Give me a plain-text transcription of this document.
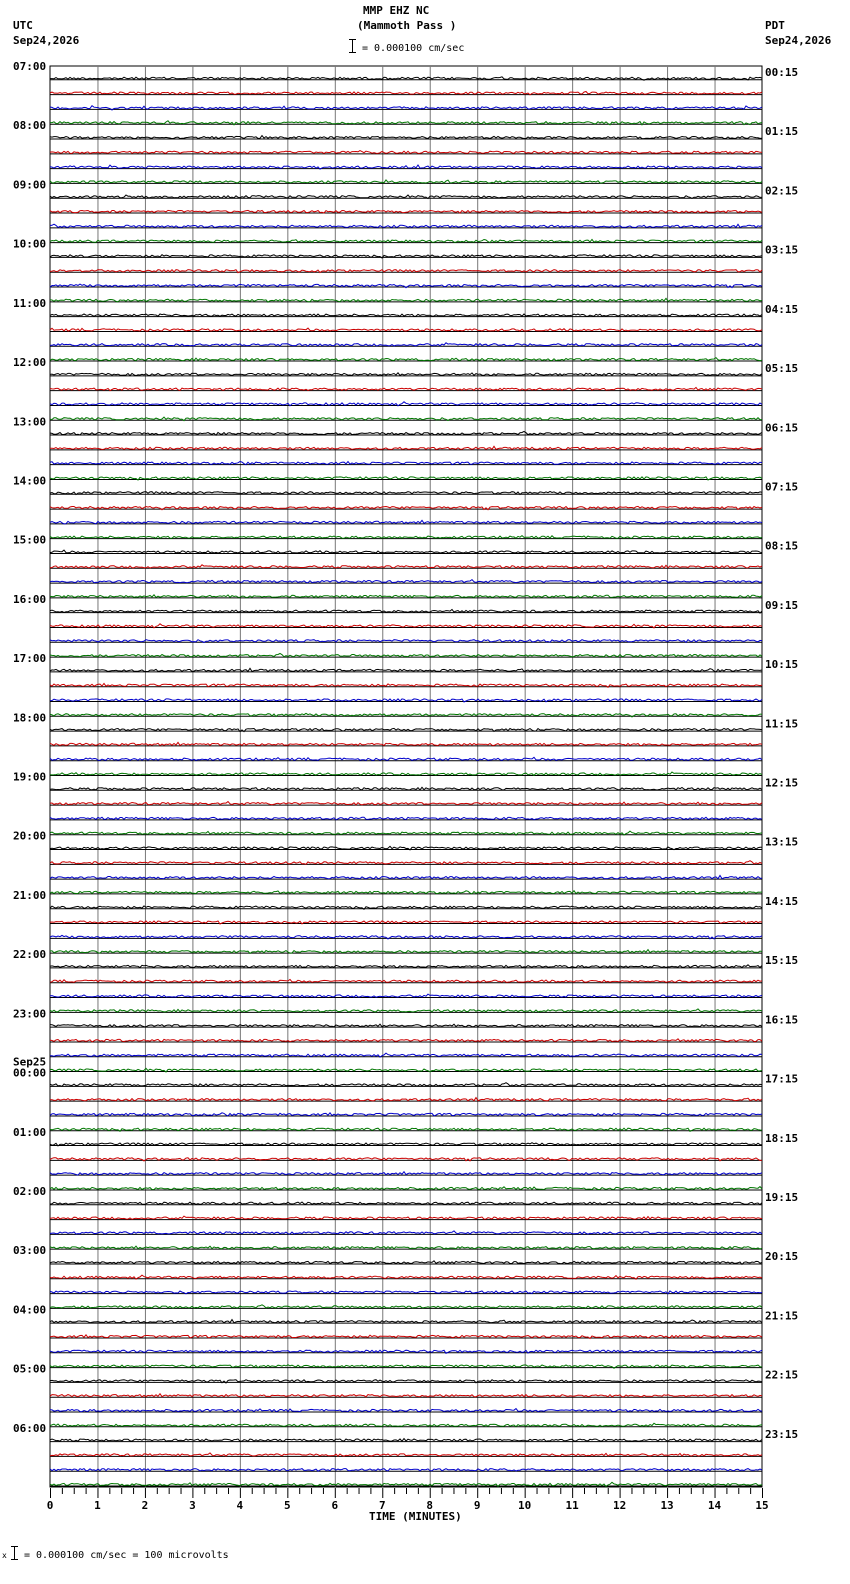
07:00
08:00
09:00
10:00
11:00
12:00
13:00
14:00
15:00
16:00
17:00
18:00
19:00
20:00
21:00
22:00
23:00
Sep25
00:00
01:00
02:00
03:00
04:00
05:00
06:00
00:15
01:15
02:15
03:15
04:15
05:15
06:15
07:15
08:15
09:15
10:15
11:15
12:15
13:15
14:15
15:15
16:15
17:15
18:15
19:15
20:15
21:15
22:15
23:15
0	1	2	3	4	5	6	7	8	9	10	11	12	13	14	15
MMP EHZ NC
(Mammoth Pass )
= 0.000100 cm/sec
UTC
Sep24,2026
PDT
Sep24,2026
TIME (MINUTES)
x = 0.000100 cm/sec = 100 microvolts
